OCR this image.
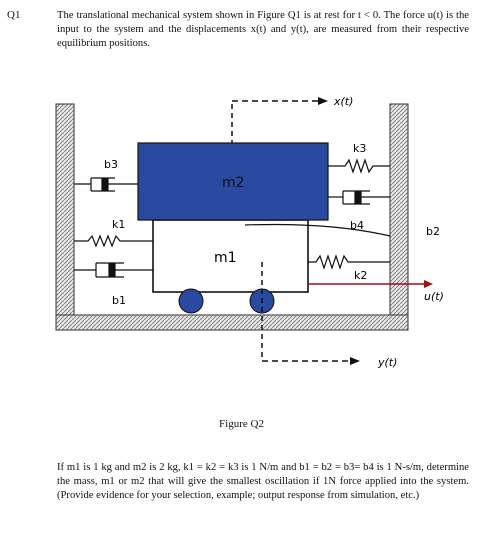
Q1	The translational mechanical system shown in Figure Q1 is at rest for t < 0. The force u(t) is the input to the system and the displacements x(t) and y(t), are measured from their respective equilibrium positions.
x(t)
k3
b3
m2
b4
k1
b2
m1
k2
u(t)
b1
y(t)
Figure Q2
If m1 is 1 kg and m2 is 2 kg, k1 = k2 = k3 is 1 N/m and b1 = b2 = b3= b4 is 1 N-s/m, determine the mass, m1 or m2 that will give the smallest oscillation if 1N force applied into the system. (Provide evidence for your selection, example; output response from simulation, etc.)
